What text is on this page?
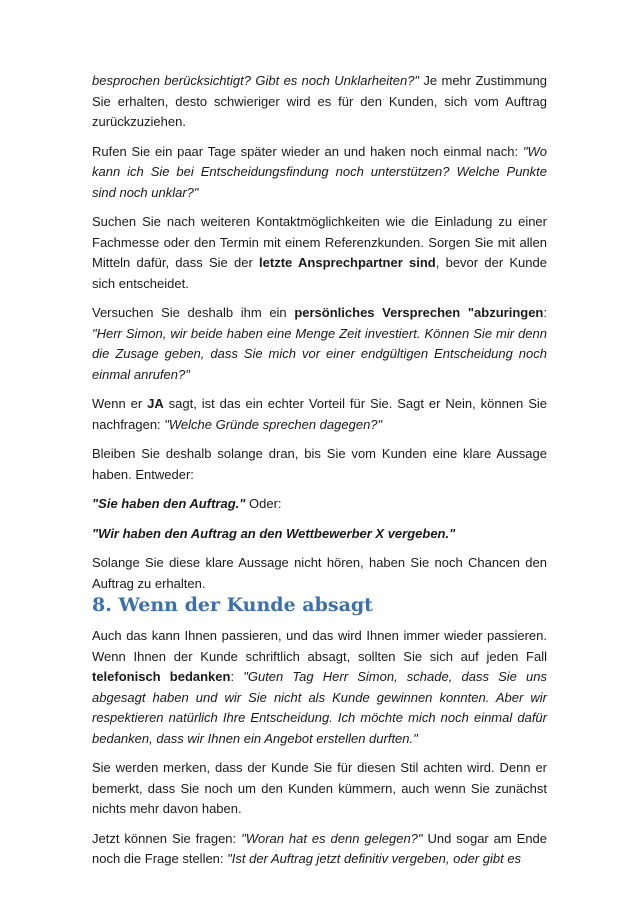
besprochen berücksichtigt? Gibt es noch Unklarheiten?" Je mehr Zustimmung Sie erhalten, desto schwieriger wird es für den Kunden, sich vom Auftrag zurückzuziehen.

Rufen Sie ein paar Tage später wieder an und haken noch einmal nach: "Wo kann ich Sie bei Entscheidungsfindung noch unterstützen? Welche Punkte sind noch unklar?"

Suchen Sie nach weiteren Kontaktmöglichkeiten wie die Einladung zu einer Fachmesse oder den Termin mit einem Referenzkunden. Sorgen Sie mit allen Mitteln dafür, dass Sie der letzte Ansprechpartner sind, bevor der Kunde sich entscheidet.

Versuchen Sie deshalb ihm ein persönliches Versprechen "abzuringen: "Herr Simon, wir beide haben eine Menge Zeit investiert. Können Sie mir denn die Zusage geben, dass Sie mich vor einer endgültigen Entscheidung noch einmal anrufen?"

Wenn er JA sagt, ist das ein echter Vorteil für Sie. Sagt er Nein, können Sie nachfragen: "Welche Gründe sprechen dagegen?"

Bleiben Sie deshalb solange dran, bis Sie vom Kunden eine klare Aussage haben. Entweder:

"Sie haben den Auftrag." Oder:

"Wir haben den Auftrag an den Wettbewerber X vergeben."

Solange Sie diese klare Aussage nicht hören, haben Sie noch Chancen den Auftrag zu erhalten.

8. Wenn der Kunde absagt

Auch das kann Ihnen passieren, und das wird Ihnen immer wieder passieren. Wenn Ihnen der Kunde schriftlich absagt, sollten Sie sich auf jeden Fall telefonisch bedanken: "Guten Tag Herr Simon, schade, dass Sie uns abgesagt haben und wir Sie nicht als Kunde gewinnen konnten. Aber wir respektieren natürlich Ihre Entscheidung. Ich möchte mich noch einmal dafür bedanken, dass wir Ihnen ein Angebot erstellen durften."

Sie werden merken, dass der Kunde Sie für diesen Stil achten wird. Denn er bemerkt, dass Sie noch um den Kunden kümmern, auch wenn Sie zunächst nichts mehr davon haben.

Jetzt können Sie fragen: "Woran hat es denn gelegen?" Und sogar am Ende noch die Frage stellen: "Ist der Auftrag jetzt definitiv vergeben, oder gibt es
